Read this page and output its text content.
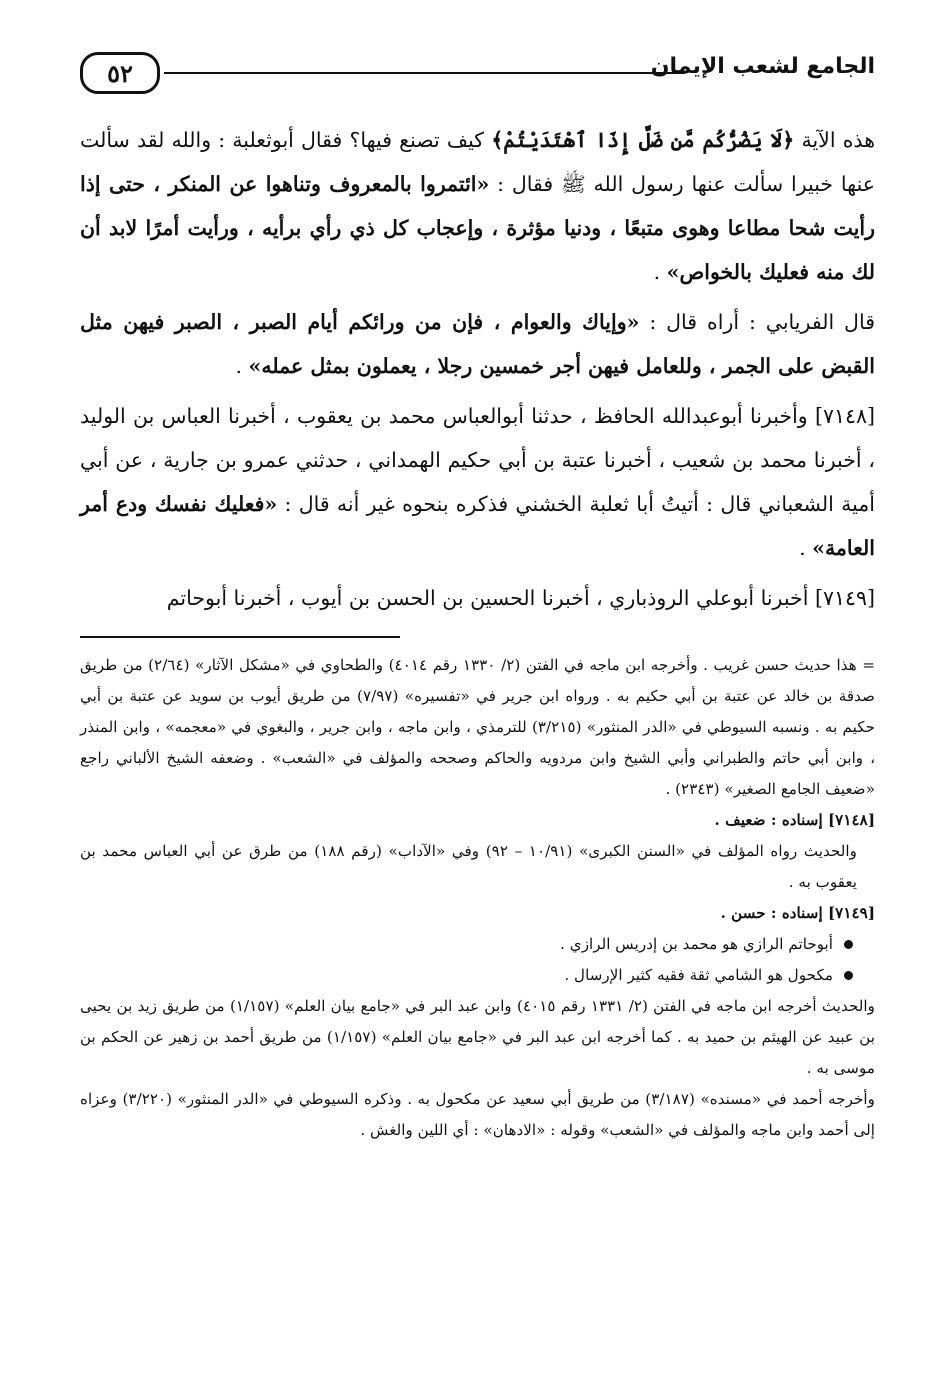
٥٢	الجامع لشعب الإيمان

هذه الآية ﴿لَا يَضُرُّكُم مَّن ضَلَّ إِذَا ٱهْتَدَيْتُمْ﴾ كيف تصنع فيها؟ فقال أبوثعلبة : والله لقد سألت عنها خبيرا سألت عنها رسول الله ﷺ فقال : «ائتمروا بالمعروف وتناهوا عن المنكر ، حتى إذا رأيت شحا مطاعا وهوى متبعًا ، ودنيا مؤثرة ، وإعجاب كل ذي رأي برأيه ، ورأيت أمرًا لابد أن لك منه فعليك بالخواص» .

قال الفريابي : أراه قال : «وإياك والعوام ، فإن من ورائكم أيام الصبر ، الصبر فيهن مثل القبض على الجمر ، وللعامل فيهن أجر خمسين رجلا ، يعملون بمثل عمله» .

[٧١٤٨] وأخبرنا أبوعبدالله الحافظ ، حدثنا أبوالعباس محمد بن يعقوب ، أخبرنا العباس بن الوليد ، أخبرنا محمد بن شعيب ، أخبرنا عتبة بن أبي حكيم الهمداني ، حدثني عمرو بن جارية ، عن أبي أمية الشعباني قال : أتيتُ أبا ثعلبة الخشني فذكره بنحوه غير أنه قال : «فعليك نفسك ودع أمر العامة» .

[٧١٤٩] أخبرنا أبوعلي الروذباري ، أخبرنا الحسين بن الحسن بن أيوب ، أخبرنا أبوحاتم

= هذا حديث حسن غريب . وأخرجه ابن ماجه في الفتن (٢/ ١٣٣٠ رقم ٤٠١٤) والطحاوي في «مشكل الآثار» (٢/٦٤) من طريق صدقة بن خالد عن عتبة بن أبي حكيم به . ورواه ابن جرير في «تفسيره» (٧/٩٧) من طريق أيوب بن سويد عن عتبة بن أبي حكيم به . ونسبه السيوطي في «الدر المنثور» (٣/٢١٥) للترمذي ، وابن ماجه ، وابن جرير ، والبغوي في «معجمه» ، وابن المنذر ، وابن أبي حاتم والطبراني وأبي الشيخ وابن مردويه والحاكم وصححه والمؤلف في «الشعب» . وضعفه الشيخ الألباني راجع «ضعيف الجامع الصغير» (٢٣٤٣) .

[٧١٤٨] إسناده : ضعيف .

والحديث رواه المؤلف في «السنن الكبرى» (١٠/٩١ – ٩٢) وفي «الآداب» (رقم ١٨٨) من طرق عن أبي العباس محمد بن يعقوب به .

[٧١٤٩] إسناده : حسن .

أبوحاتم الرازي هو محمد بن إدريس الرازي .
مكحول هو الشامي ثقة فقيه كثير الإرسال .

والحديث أخرجه ابن ماجه في الفتن (٢/ ١٣٣١ رقم ٤٠١٥) وابن عبد البر في «جامع بيان العلم» (١/١٥٧) من طريق زيد بن يحيى بن عبيد عن الهيثم بن حميد به . كما أخرجه ابن عبد البر في «جامع بيان العلم» (١/١٥٧) من طريق أحمد بن زهير عن الحكم بن موسى به .

وأخرجه أحمد في «مسنده» (٣/١٨٧) من طريق أبي سعيد عن مكحول به . وذكره السيوطي في «الدر المنثور» (٣/٢٢٠) وعزاه إلى أحمد وابن ماجه والمؤلف في «الشعب» وقوله : «الادهان» : أي اللين والغش .
